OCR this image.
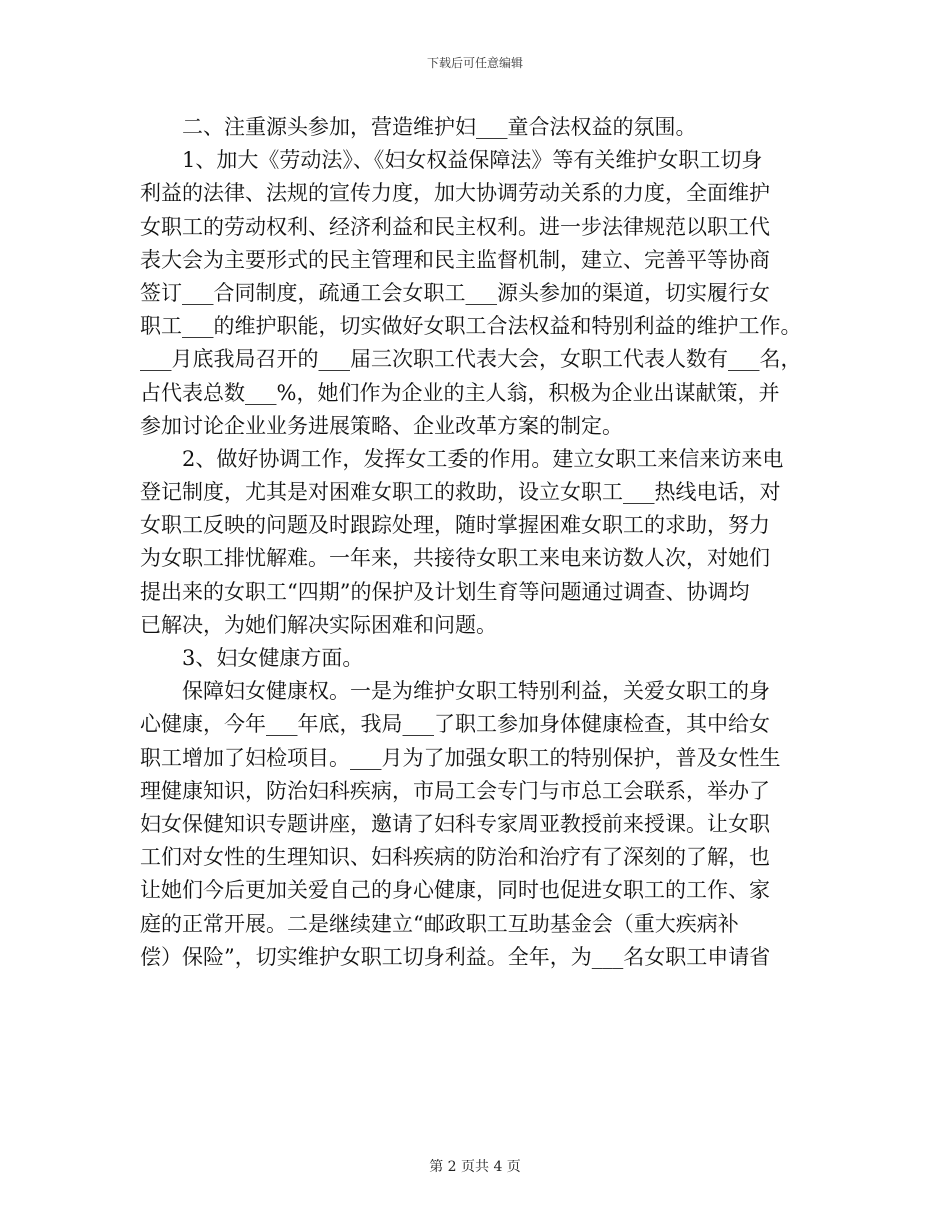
下载后可任意编辑
　　二、注重源头参加，营造维护妇___童合法权益的氛围。
　　1、加大《劳动法》、《妇女权益保障法》等有关维护女职工切身
利益的法律、法规的宣传力度，加大协调劳动关系的力度，全面维护
女职工的劳动权利、经济利益和民主权利。进一步法律规范以职工代
表大会为主要形式的民主管理和民主监督机制，建立、完善平等协商
签订___合同制度，疏通工会女职工___源头参加的渠道，切实履行女
职工___的维护职能，切实做好女职工合法权益和特别利益的维护工作。
___月底我局召开的___届三次职工代表大会，女职工代表人数有___名，
占代表总数___%，她们作为企业的主人翁，积极为企业出谋献策，并
参加讨论企业业务进展策略、企业改革方案的制定。
　　2、做好协调工作，发挥女工委的作用。建立女职工来信来访来电
登记制度，尤其是对困难女职工的救助，设立女职工___热线电话，对
女职工反映的问题及时跟踪处理，随时掌握困难女职工的求助，努力
为女职工排忧解难。一年来，共接待女职工来电来访数人次，对她们
提出来的女职工“四期”的保护及计划生育等问题通过调查、协调均
已解决，为她们解决实际困难和问题。
　　3、妇女健康方面。
　　保障妇女健康权。一是为维护女职工特别利益，关爱女职工的身
心健康，今年___年底，我局___了职工参加身体健康检查，其中给女
职工增加了妇检项目。___月为了加强女职工的特别保护，普及女性生
理健康知识，防治妇科疾病，市局工会专门与市总工会联系，举办了
妇女保健知识专题讲座，邀请了妇科专家周亚教授前来授课。让女职
工们对女性的生理知识、妇科疾病的防治和治疗有了深刻的了解，也
让她们今后更加关爱自己的身心健康，同时也促进女职工的工作、家
庭的正常开展。二是继续建立“邮政职工互助基金会（重大疾病补
偿）保险”，切实维护女职工切身利益。全年，为___名女职工申请省
第 2 页共 4 页
